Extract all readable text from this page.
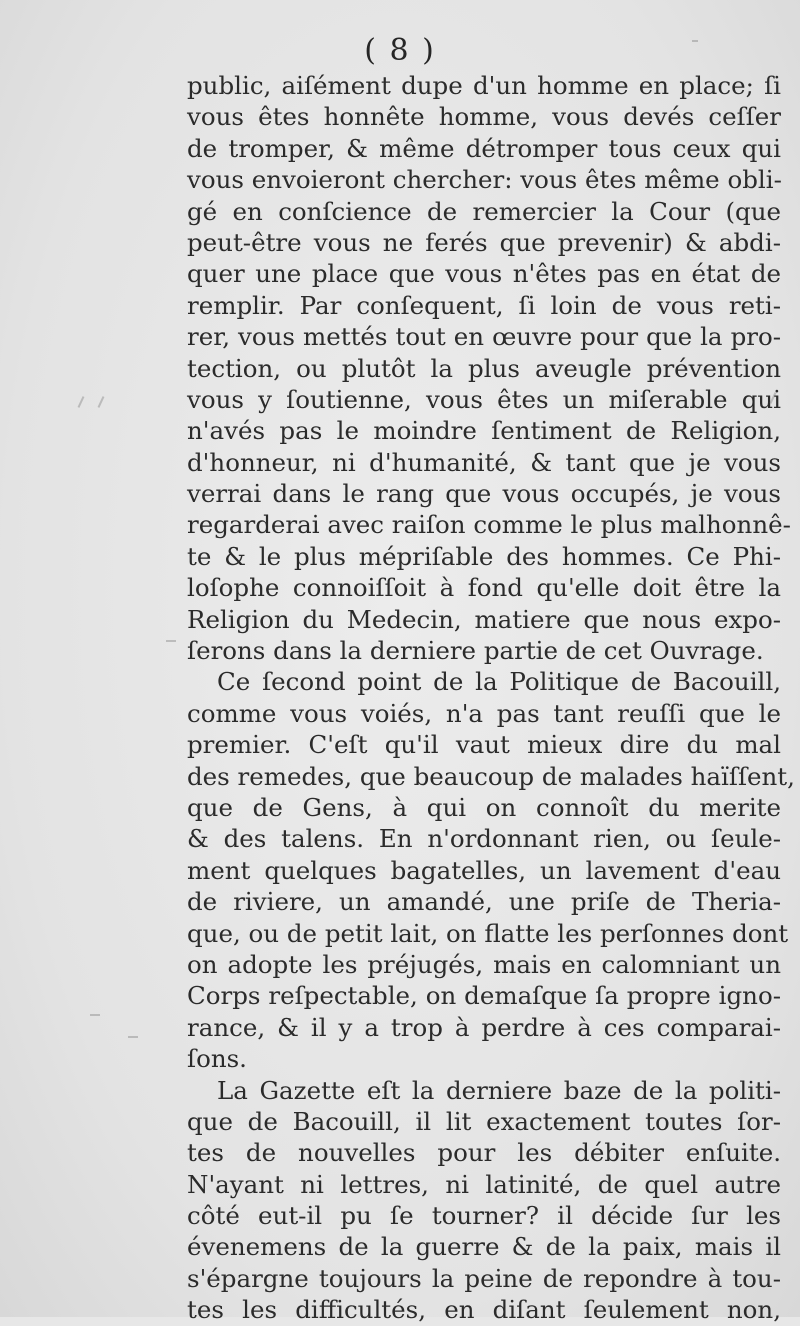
( 8 )
public, aiſément dupe d'un homme en place; ſi
vous êtes honnête homme, vous devés ceſſer
de tromper, & même détromper tous ceux qui
vous envoieront chercher: vous êtes même obli-
gé en conſcience de remercier la Cour (que
peut-être vous ne ferés que prevenir) & abdi-
quer une place que vous n'êtes pas en état de
remplir. Par conſequent, ſi loin de vous reti-
rer, vous mettés tout en œuvre pour que la pro-
tection, ou plutôt la plus aveugle prévention
vous y ſoutienne, vous êtes un miſerable qui
n'avés pas le moindre ſentiment de Religion,
d'honneur, ni d'humanité, & tant que je vous
verrai dans le rang que vous occupés, je vous
regarderai avec raiſon comme le plus malhonnê-
te & le plus mépriſable des hommes. Ce Phi-
loſophe connoiſſoit à fond qu'elle doit être la
Religion du Medecin, matiere que nous expo-
ſerons dans la derniere partie de cet Ouvrage.
Ce ſecond point de la Politique de Bacouill,
comme vous voiés, n'a pas tant reuſſi que le
premier. C'eſt qu'il vaut mieux dire du mal
des remedes, que beaucoup de malades haïſſent,
que de Gens, à qui on connoît du merite
& des talens. En n'ordonnant rien, ou ſeule-
ment quelques bagatelles, un lavement d'eau
de riviere, un amandé, une priſe de Theria-
que, ou de petit lait, on flatte les perſonnes dont
on adopte les préjugés, mais en calomniant un
Corps reſpectable, on demaſque ſa propre igno-
rance, & il y a trop à perdre à ces comparai-
ſons.
La Gazette eſt la derniere baze de la politi-
que de Bacouill, il lit exactement toutes ſor-
tes de nouvelles pour les débiter enſuite.
N'ayant ni lettres, ni latinité, de quel autre
côté eut-il pu ſe tourner? il décide ſur les
évenemens de la guerre & de la paix, mais il
s'épargne toujours la peine de repondre à tou-
tes les difficultés, en diſant ſeulement non,
